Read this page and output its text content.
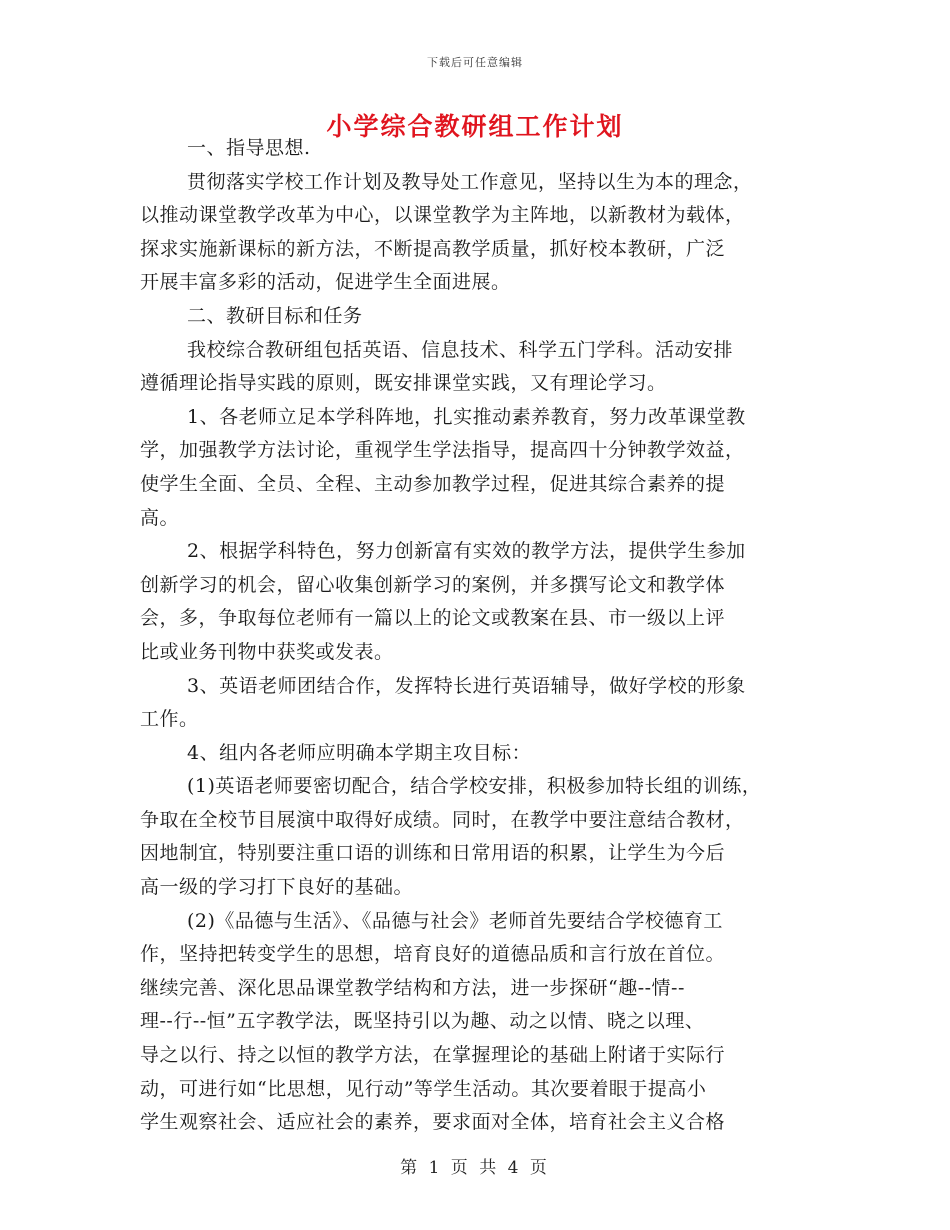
下载后可任意编辑
小学综合教研组工作计划
一、指导思想.
贯彻落实学校工作计划及教导处工作意见，坚持以生为本的理念，
以推动课堂教学改革为中心，以课堂教学为主阵地，以新教材为载体，
探求实施新课标的新方法，不断提高教学质量，抓好校本教研，广泛
开展丰富多彩的活动，促进学生全面进展。
二、教研目标和任务
我校综合教研组包括英语、信息技术、科学五门学科。活动安排
遵循理论指导实践的原则，既安排课堂实践，又有理论学习。
1、各老师立足本学科阵地，扎实推动素养教育，努力改革课堂教
学，加强教学方法讨论，重视学生学法指导，提高四十分钟教学效益，
使学生全面、全员、全程、主动参加教学过程，促进其综合素养的提
高。
2、根据学科特色，努力创新富有实效的教学方法，提供学生参加
创新学习的机会，留心收集创新学习的案例，并多撰写论文和教学体
会，多，争取每位老师有一篇以上的论文或教案在县、市一级以上评
比或业务刊物中获奖或发表。
3、英语老师团结合作，发挥特长进行英语辅导，做好学校的形象
工作。
4、组内各老师应明确本学期主攻目标：
(1)英语老师要密切配合，结合学校安排，积极参加特长组的训练，
争取在全校节目展演中取得好成绩。同时，在教学中要注意结合教材，
因地制宜，特别要注重口语的训练和日常用语的积累，让学生为今后
高一级的学习打下良好的基础。
(2)《品德与生活》、《品德与社会》老师首先要结合学校德育工
作，坚持把转变学生的思想，培育良好的道德品质和言行放在首位。
继续完善、深化思品课堂教学结构和方法，进一步探研“趣--情--
理--行--恒”五字教学法，既坚持引以为趣、动之以情、晓之以理、
导之以行、持之以恒的教学方法，在掌握理论的基础上附诸于实际行
动，可进行如“比思想，见行动”等学生活动。其次要着眼于提高小
学生观察社会、适应社会的素养，要求面对全体，培育社会主义合格
第 1 页 共 4 页
